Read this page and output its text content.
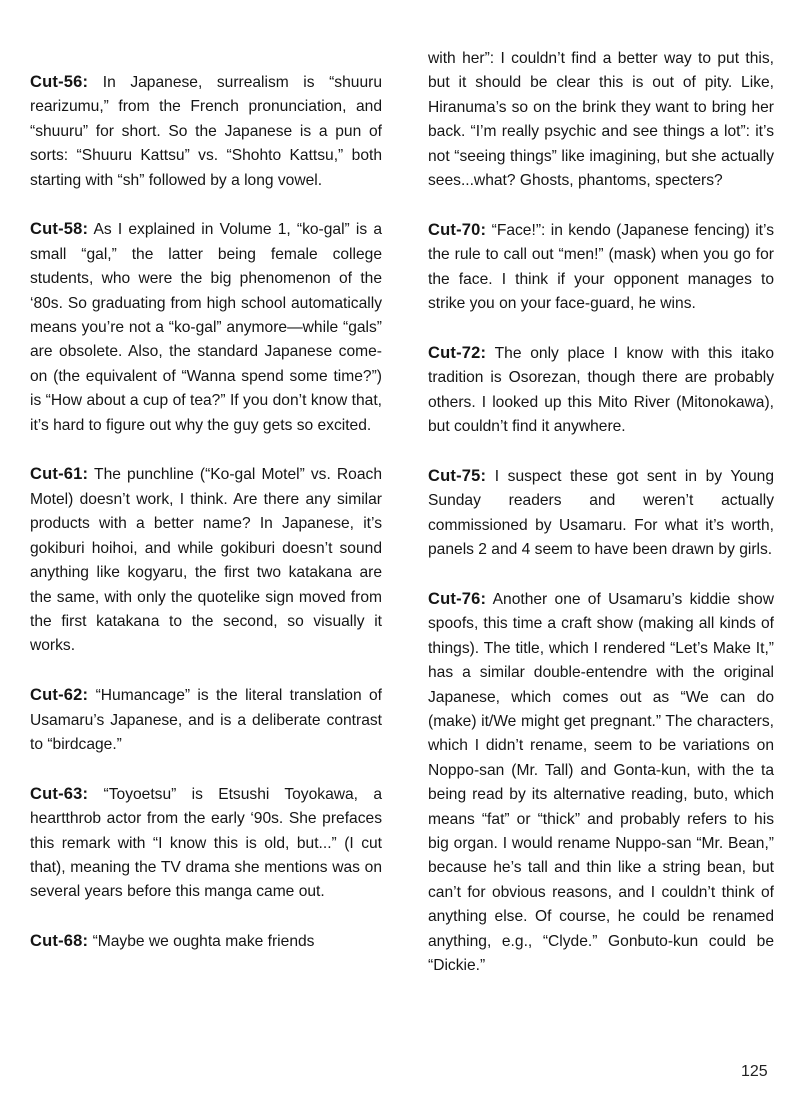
Cut-56: In Japanese, surrealism is “shuuru rearizumu,” from the French pronunciation, and “shuuru” for short. So the Japanese is a pun of sorts: “Shuuru Kattsu” vs. “Shohto Kattsu,” both starting with “sh” followed by a long vowel.

Cut-58: As I explained in Volume 1, “ko-gal” is a small “gal,” the latter being female college students, who were the big phenomenon of the ‘80s. So graduating from high school automatically means you’re not a “ko-gal” anymore—while “gals” are obsolete. Also, the standard Japanese come-on (the equivalent of “Wanna spend some time?”) is “How about a cup of tea?” If you don’t know that, it’s hard to figure out why the guy gets so excited.

Cut-61: The punchline (“Ko-gal Motel” vs. Roach Motel) doesn’t work, I think. Are there any similar products with a better name? In Japanese, it’s gokiburi hoihoi, and while gokiburi doesn’t sound anything like kogyaru, the first two katakana are the same, with only the quotelike sign moved from the first katakana to the second, so visually it works.

Cut-62: “Humancage” is the literal translation of Usamaru’s Japanese, and is a deliberate contrast to “birdcage.”

Cut-63: “Toyoetsu” is Etsushi Toyokawa, a heartthrob actor from the early ‘90s. She prefaces this remark with “I know this is old, but...” (I cut that), meaning the TV drama she mentions was on several years before this manga came out.

Cut-68: “Maybe we oughta make friends

with her”: I couldn’t find a better way to put this, but it should be clear this is out of pity. Like, Hiranuma’s so on the brink they want to bring her back. “I’m really psychic and see things a lot”: it’s not “seeing things” like imagining, but she actually sees...what? Ghosts, phantoms, specters?

Cut-70: “Face!”: in kendo (Japanese fencing) it’s the rule to call out “men!” (mask) when you go for the face. I think if your opponent manages to strike you on your face-guard, he wins.

Cut-72: The only place I know with this itako tradition is Osorezan, though there are probably others. I looked up this Mito River (Mitonokawa), but couldn’t find it anywhere.

Cut-75: I suspect these got sent in by Young Sunday readers and weren’t actually commissioned by Usamaru. For what it’s worth, panels 2 and 4 seem to have been drawn by girls.

Cut-76: Another one of Usamaru’s kiddie show spoofs, this time a craft show (making all kinds of things). The title, which I rendered “Let’s Make It,” has a similar double-entendre with the original Japanese, which comes out as “We can do (make) it/We might get pregnant.” The characters, which I didn’t rename, seem to be variations on Noppo-san (Mr. Tall) and Gonta-kun, with the ta being read by its alternative reading, buto, which means “fat” or “thick” and probably refers to his big organ. I would rename Nuppo-san “Mr. Bean,” because he’s tall and thin like a string bean, but can’t for obvious reasons, and I couldn’t think of anything else. Of course, he could be renamed anything, e.g., “Clyde.” Gonbuto-kun could be “Dickie.”

125
